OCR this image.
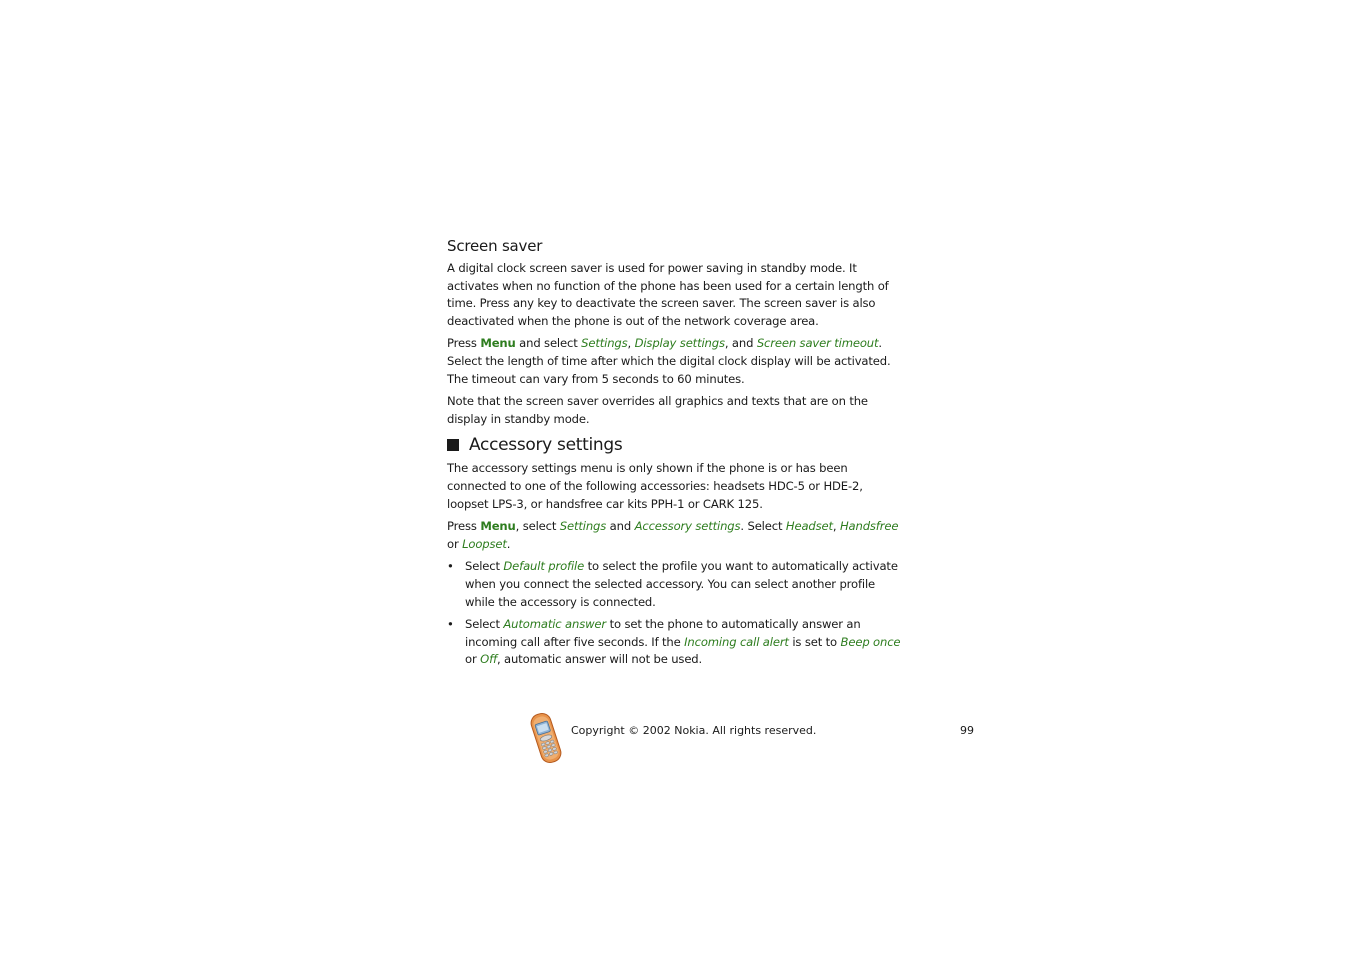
Screen saver

A digital clock screen saver is used for power saving in standby mode. It activates when no function of the phone has been used for a certain length of time. Press any key to deactivate the screen saver. The screen saver is also deactivated when the phone is out of the network coverage area.

Press Menu and select Settings, Display settings, and Screen saver timeout. Select the length of time after which the digital clock display will be activated. The timeout can vary from 5 seconds to 60 minutes.

Note that the screen saver overrides all graphics and texts that are on the display in standby mode.

Accessory settings

The accessory settings menu is only shown if the phone is or has been connected to one of the following accessories: headsets HDC-5 or HDE-2, loopset LPS-3, or handsfree car kits PPH-1 or CARK 125.

Press Menu, select Settings and Accessory settings. Select Headset, Handsfree or Loopset.

• Select Default profile to select the profile you want to automatically activate when you connect the selected accessory. You can select another profile while the accessory is connected.
• Select Automatic answer to set the phone to automatically answer an incoming call after five seconds. If the Incoming call alert is set to Beep once or Off, automatic answer will not be used.
Copyright © 2002 Nokia. All rights reserved.	99
